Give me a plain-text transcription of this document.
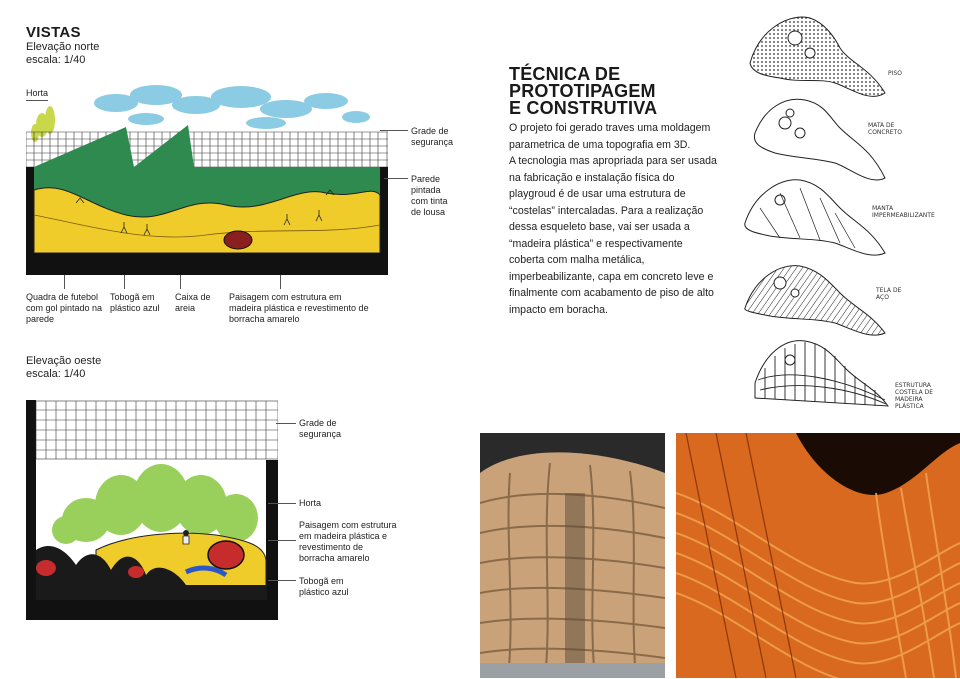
VISTAS
Elevação norte
escala: 1/40
Horta
Grade de segurança
Parede pintada com tinta de lousa
Quadra de futebol com gol pintado na parede
Tobogã em plástico azul
Caixa de areia
Paisagem com estrutura em madeira plástica e revestimento de borracha amarelo
Elevação oeste
escala: 1/40
Grade de segurança
Horta
Paisagem com estrutura em madeira plástica e revestimento de borracha amarelo
Tobogã em plástico azul
TÉCNICA DE
PROTOTIPAGEM
E CONSTRUTIVA

O projeto foi gerado traves uma moldagem parametrica de uma topografia em 3D.

A tecnologia mas apropriada para ser usada na fabricação e instalação física do playgroud é de usar uma estrutura de “costelas” intercaladas. Para a realização dessa esqueleto base, vai ser usada a “madeira plástica” e respectivamente coberta com malha metálica, imperbeabilizante, capa em concreto leve e finalmente com acabamento de piso de alto impacto em boracha.

PISO
MATA DE CONCRETO
MANTA IMPERMEABILIZANTE
TELA DE AÇO
ESTRUTURA COSTELA DE MADEIRA PLÁSTICA
